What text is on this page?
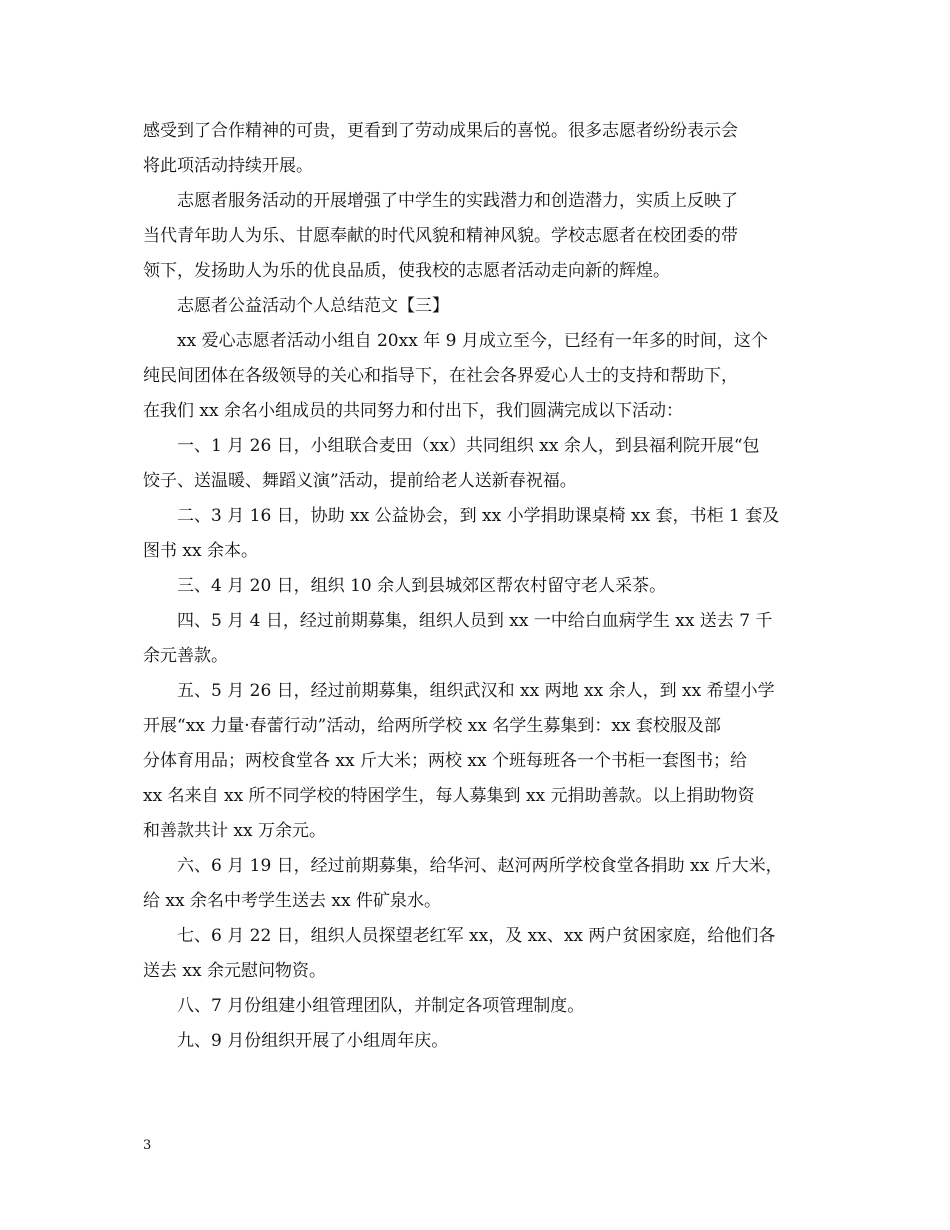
感受到了合作精神的可贵，更看到了劳动成果后的喜悦。很多志愿者纷纷表示会
将此项活动持续开展。

志愿者服务活动的开展增强了中学生的实践潜力和创造潜力，实质上反映了
当代青年助人为乐、甘愿奉献的时代风貌和精神风貌。学校志愿者在校团委的带
领下，发扬助人为乐的优良品质，使我校的志愿者活动走向新的辉煌。

志愿者公益活动个人总结范文【三】

xx 爱心志愿者活动小组自 20xx 年 9 月成立至今，已经有一年多的时间，这个
纯民间团体在各级领导的关心和指导下，在社会各界爱心人士的支持和帮助下，
在我们 xx 余名小组成员的共同努力和付出下，我们圆满完成以下活动：

一、1 月 26 日，小组联合麦田（xx）共同组织 xx 余人，到县福利院开展“包
饺子、送温暖、舞蹈义演”活动，提前给老人送新春祝福。

二、3 月 16 日，协助 xx 公益协会，到 xx 小学捐助课桌椅 xx 套，书柜 1 套及
图书 xx 余本。

三、4 月 20 日，组织 10 余人到县城郊区帮农村留守老人采茶。

四、5 月 4 日，经过前期募集，组织人员到 xx 一中给白血病学生 xx 送去 7 千
余元善款。

五、5 月 26 日，经过前期募集，组织武汉和 xx 两地 xx 余人，到 xx 希望小学
开展“xx 力量·春蕾行动”活动，给两所学校 xx 名学生募集到：xx 套校服及部
分体育用品；两校食堂各 xx 斤大米；两校 xx 个班每班各一个书柜一套图书；给
xx 名来自 xx 所不同学校的特困学生，每人募集到 xx 元捐助善款。以上捐助物资
和善款共计 xx 万余元。

六、6 月 19 日，经过前期募集，给华河、赵河两所学校食堂各捐助 xx 斤大米，
给 xx 余名中考学生送去 xx 件矿泉水。

七、6 月 22 日，组织人员探望老红军 xx，及 xx、xx 两户贫困家庭，给他们各
送去 xx 余元慰问物资。

八、7 月份组建小组管理团队，并制定各项管理制度。

九、9 月份组织开展了小组周年庆。

3
